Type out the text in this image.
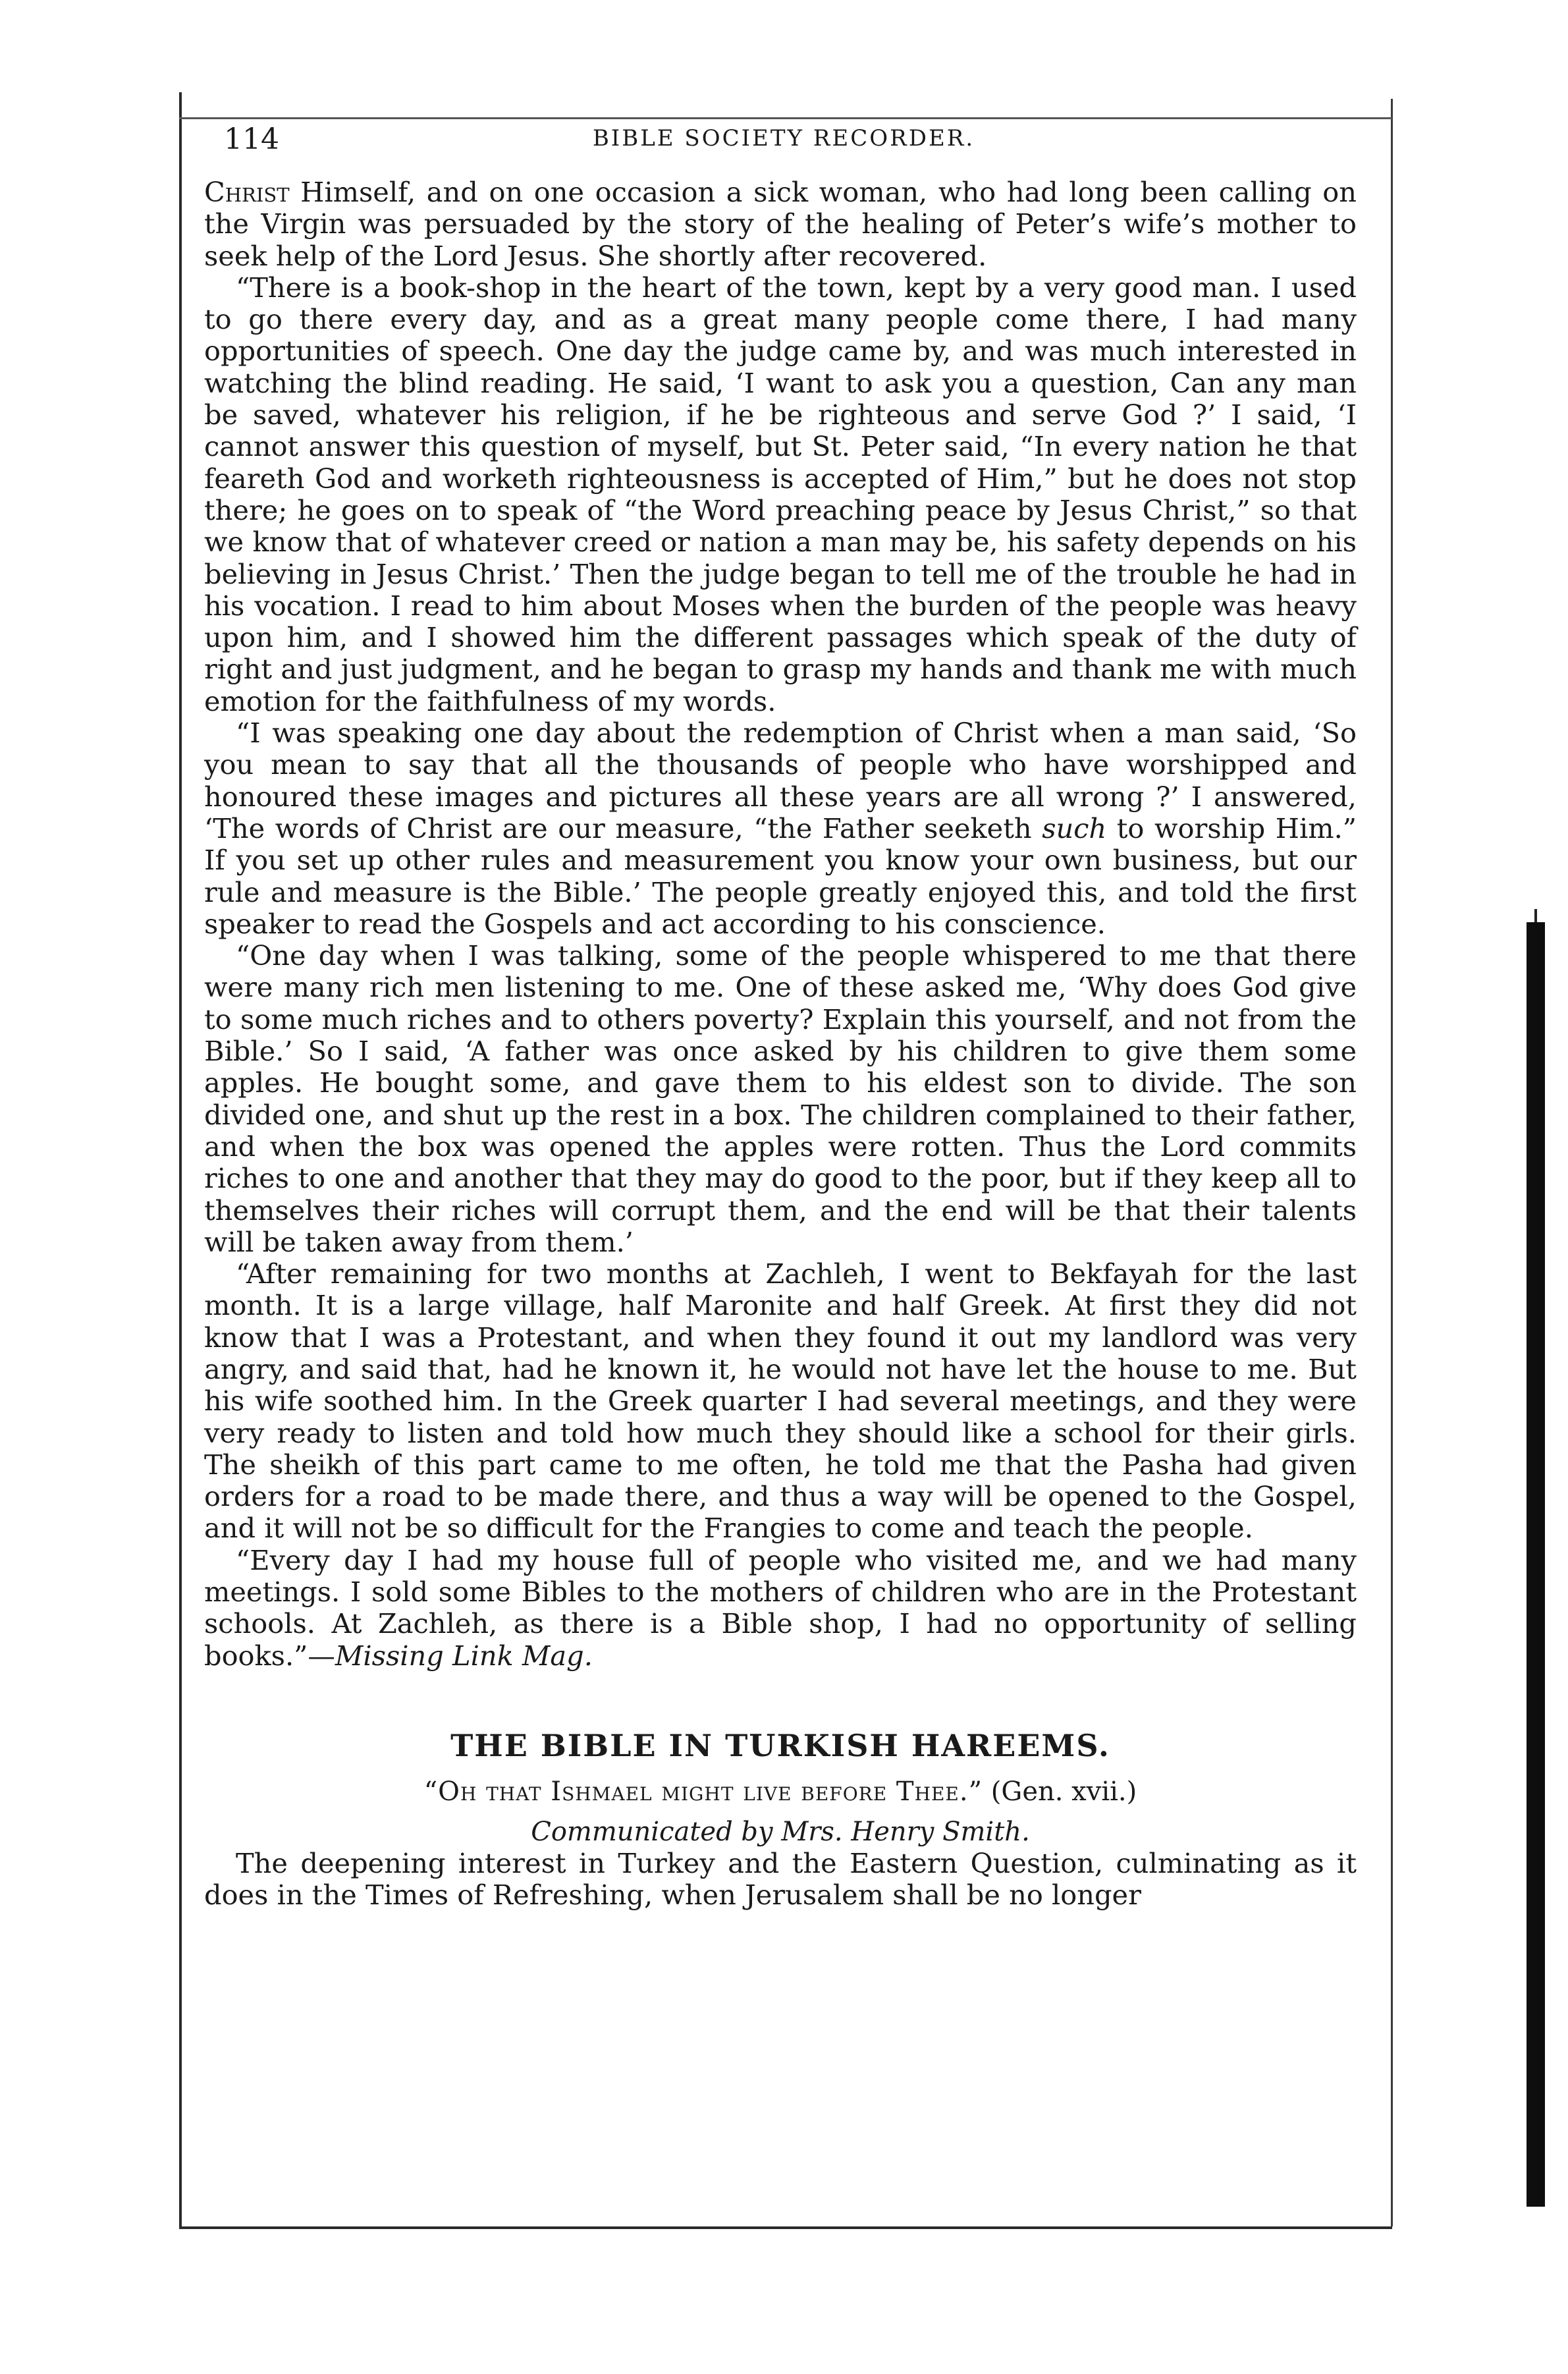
114	BIBLE SOCIETY RECORDER.

Christ Himself, and on one occasion a sick woman, who had long been calling on the Virgin was persuaded by the story of the healing of Peter’s wife’s mother to seek help of the Lord Jesus. She shortly after recovered.

“There is a book-shop in the heart of the town, kept by a very good man. I used to go there every day, and as a great many people come there, I had many opportunities of speech. One day the judge came by, and was much interested in watching the blind reading. He said, ‘I want to ask you a question, Can any man be saved, whatever his religion, if he be righteous and serve God ?’ I said, ‘I cannot answer this question of myself, but St. Peter said, “In every nation he that feareth God and worketh righteousness is accepted of Him,” but he does not stop there; he goes on to speak of “the Word preaching peace by Jesus Christ,” so that we know that of whatever creed or nation a man may be, his safety depends on his believing in Jesus Christ.’ Then the judge began to tell me of the trouble he had in his vocation. I read to him about Moses when the burden of the people was heavy upon him, and I showed him the different passages which speak of the duty of right and just judgment, and he began to grasp my hands and thank me with much emotion for the faithfulness of my words.

“I was speaking one day about the redemption of Christ when a man said, ‘So you mean to say that all the thousands of people who have worshipped and honoured these images and pictures all these years are all wrong ?’ I answered, ‘The words of Christ are our measure, “the Father seeketh such to worship Him.” If you set up other rules and measurement you know your own business, but our rule and measure is the Bible.’ The people greatly enjoyed this, and told the first speaker to read the Gospels and act according to his conscience.

“One day when I was talking, some of the people whispered to me that there were many rich men listening to me. One of these asked me, ‘Why does God give to some much riches and to others poverty? Explain this yourself, and not from the Bible.’ So I said, ‘A father was once asked by his children to give them some apples. He bought some, and gave them to his eldest son to divide. The son divided one, and shut up the rest in a box. The children complained to their father, and when the box was opened the apples were rotten. Thus the Lord commits riches to one and another that they may do good to the poor, but if they keep all to themselves their riches will corrupt them, and the end will be that their talents will be taken away from them.’

“After remaining for two months at Zachleh, I went to Bekfayah for the last month. It is a large village, half Maronite and half Greek. At first they did not know that I was a Protestant, and when they found it out my landlord was very angry, and said that, had he known it, he would not have let the house to me. But his wife soothed him. In the Greek quarter I had several meetings, and they were very ready to listen and told how much they should like a school for their girls. The sheikh of this part came to me often, he told me that the Pasha had given orders for a road to be made there, and thus a way will be opened to the Gospel, and it will not be so difficult for the Frangies to come and teach the people.

“Every day I had my house full of people who visited me, and we had many meetings. I sold some Bibles to the mothers of children who are in the Protestant schools. At Zachleh, as there is a Bible shop, I had no opportunity of selling books.”—Missing Link Mag.

THE BIBLE IN TURKISH HAREEMS.
“Oh that Ishmael might live before Thee.” (Gen. xvii.)
Communicated by Mrs. Henry Smith.

The deepening interest in Turkey and the Eastern Question, culminating as it does in the Times of Refreshing, when Jerusalem shall be no longer
